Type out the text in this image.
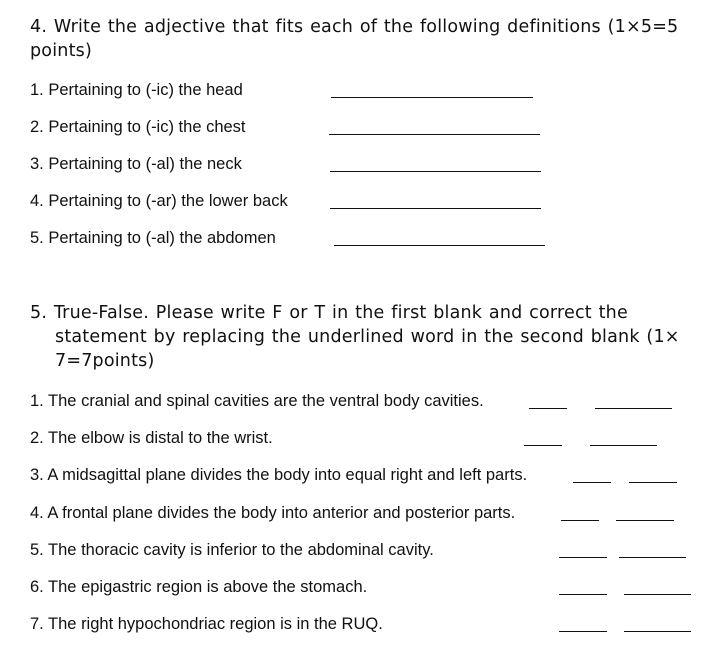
4. Write the adjective that fits each of the following definitions (1×5=5
points)
1. Pertaining to (-ic) the head
2. Pertaining to (-ic) the chest
3. Pertaining to (-al) the neck
4. Pertaining to (-ar) the lower back
5. Pertaining to (-al) the abdomen
5. True-False. Please write F or T in the first blank and correct the
statement by replacing the underlined word in the second blank (1×
7=7points)
1. The cranial and spinal cavities are the ventral body cavities.
2. The elbow is distal to the wrist.
3. A midsagittal plane divides the body into equal right and left parts.
4. A frontal plane divides the body into anterior and posterior parts.
5. The thoracic cavity is inferior to the abdominal cavity.
6. The epigastric region is above the stomach.
7. The right hypochondriac region is in the RUQ.
